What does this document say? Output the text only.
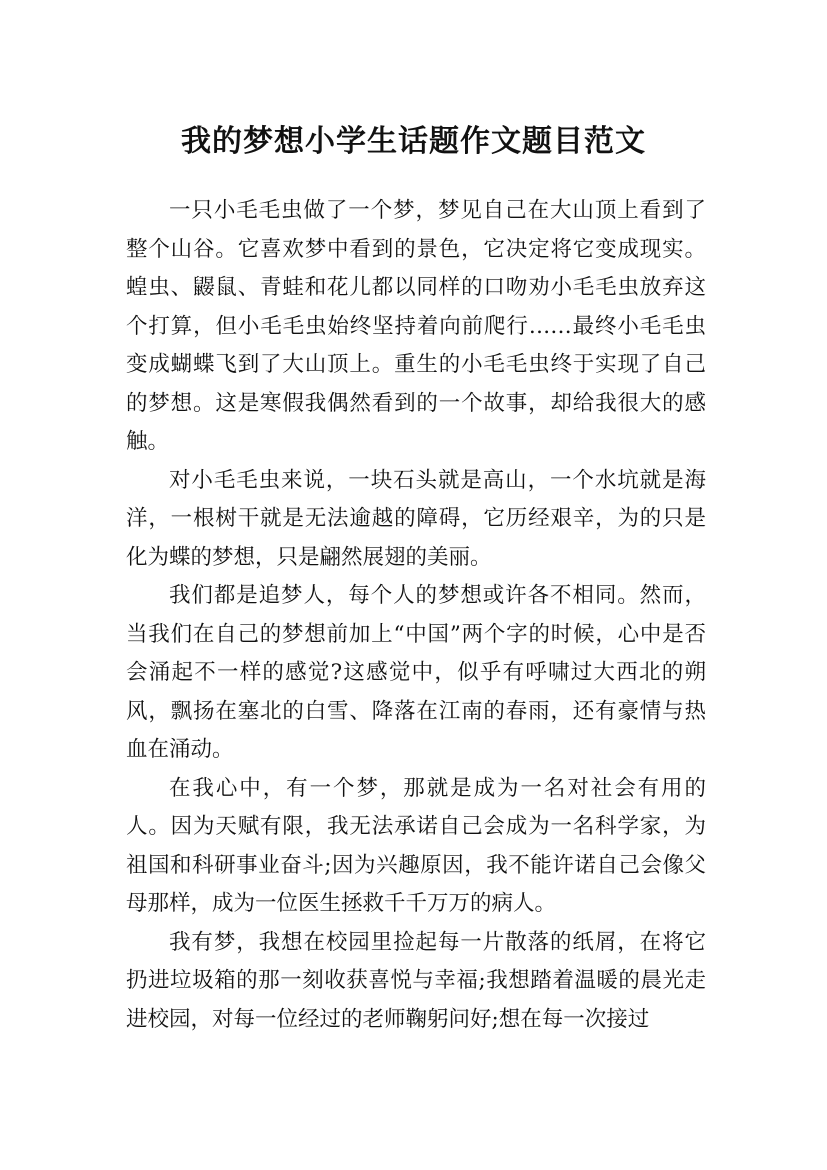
我的梦想小学生话题作文题目范文

一只小毛毛虫做了一个梦，梦见自己在大山顶上看到了整个山谷。它喜欢梦中看到的景色，它决定将它变成现实。蝗虫、鼹鼠、青蛙和花儿都以同样的口吻劝小毛毛虫放弃这个打算，但小毛毛虫始终坚持着向前爬行……最终小毛毛虫变成蝴蝶飞到了大山顶上。重生的小毛毛虫终于实现了自己的梦想。这是寒假我偶然看到的一个故事，却给我很大的感触。

对小毛毛虫来说，一块石头就是高山，一个水坑就是海洋，一根树干就是无法逾越的障碍，它历经艰辛，为的只是化为蝶的梦想，只是翩然展翅的美丽。

我们都是追梦人，每个人的梦想或许各不相同。然而，当我们在自己的梦想前加上“中国”两个字的时候，心中是否会涌起不一样的感觉?这感觉中，似乎有呼啸过大西北的朔风，飘扬在塞北的白雪、降落在江南的春雨，还有豪情与热血在涌动。

在我心中，有一个梦，那就是成为一名对社会有用的人。因为天赋有限，我无法承诺自己会成为一名科学家，为祖国和科研事业奋斗;因为兴趣原因，我不能许诺自己会像父母那样，成为一位医生拯救千千万万的病人。

我有梦，我想在校园里捡起每一片散落的纸屑，在将它扔进垃圾箱的那一刻收获喜悦与幸福;我想踏着温暖的晨光走进校园，对每一位经过的老师鞠躬问好;想在每一次接过
